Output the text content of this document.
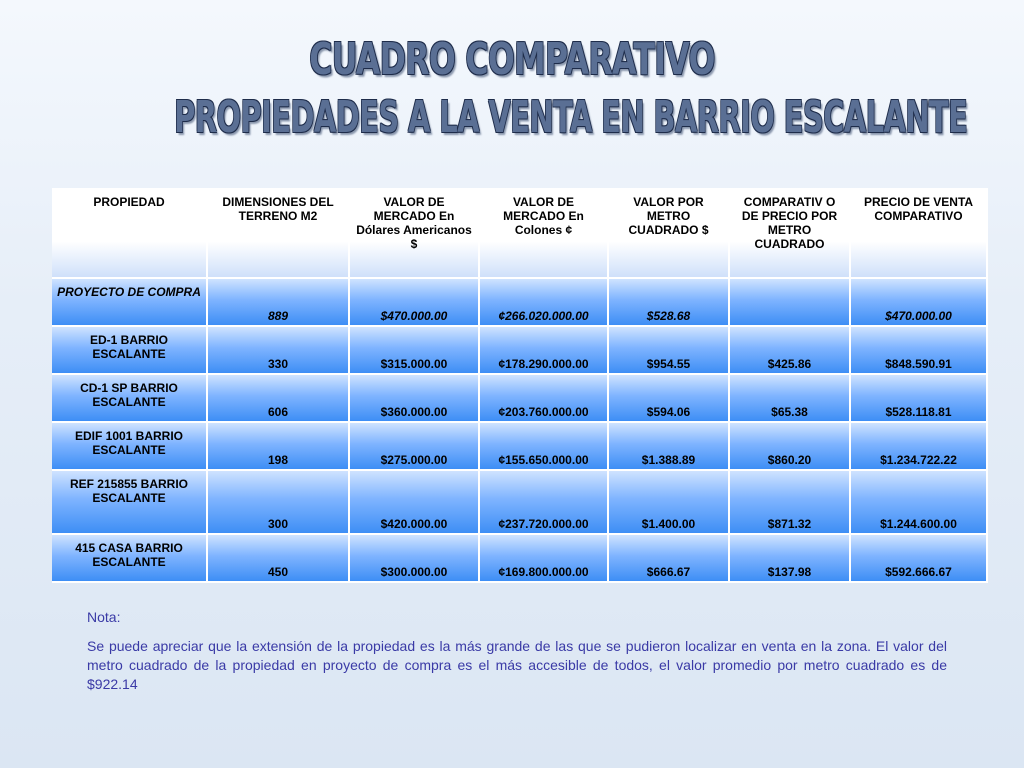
CUADRO COMPARATIVO
PROPIEDADES A LA VENTA EN BARRIO ESCALANTE
PROPIEDAD	DIMENSIONES DEL TERRENO M2	VALOR DE MERCADO En Dólares Americanos $	VALOR DE MERCADO En Colones ¢	VALOR POR METRO CUADRADO $	COMPARATIV O DE PRECIO POR METRO CUADRADO	PRECIO DE VENTA COMPARATIVO
PROYECTO DE COMPRA	889	$470.000.00	¢266.020.000.00	$528.68		$470.000.00
ED-1 BARRIO ESCALANTE	330	$315.000.00	¢178.290.000.00	$954.55	$425.86	$848.590.91
CD-1 SP BARRIO ESCALANTE	606	$360.000.00	¢203.760.000.00	$594.06	$65.38	$528.118.81
EDIF 1001 BARRIO ESCALANTE	198	$275.000.00	¢155.650.000.00	$1.388.89	$860.20	$1.234.722.22
REF 215855 BARRIO ESCALANTE	300	$420.000.00	¢237.720.000.00	$1.400.00	$871.32	$1.244.600.00
415 CASA BARRIO ESCALANTE	450	$300.000.00	¢169.800.000.00	$666.67	$137.98	$592.666.67

Nota:

Se puede apreciar que la extensión de la propiedad es la más grande de las que se pudieron localizar en venta en la zona. El valor del metro cuadrado de la propiedad en proyecto de compra es el más accesible de todos, el valor promedio por metro cuadrado es de $922.14
